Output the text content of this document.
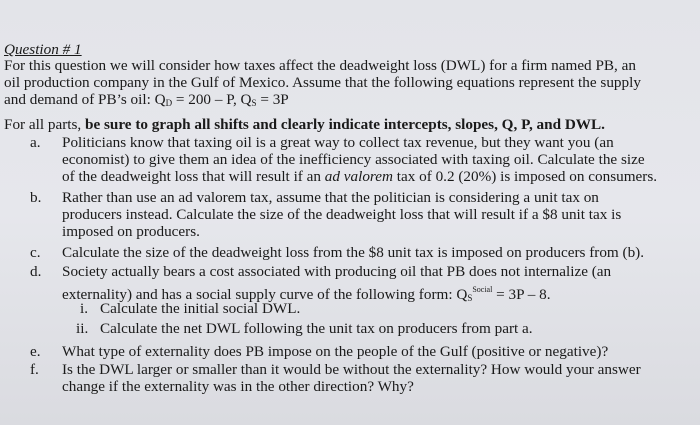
Question # 1
For this question we will consider how taxes affect the deadweight loss (DWL) for a firm named PB, an
oil production company in the Gulf of Mexico. Assume that the following equations represent the supply
and demand of PB’s oil: $Q_D = 200 - P$, $Q_S = 3P$
For all parts, be sure to graph all shifts and clearly indicate intercepts, slopes, Q, P, and DWL.
a. Politicians know that taxing oil is a great way to collect tax revenue, but they want you (an
economist) to give them an idea of the inefficiency associated with taxing oil. Calculate the size
of the deadweight loss that will result if an ad valorem tax of 0.2 (20%) is imposed on consumers.
b. Rather than use an ad valorem tax, assume that the politician is considering a unit tax on
producers instead. Calculate the size of the deadweight loss that will result if a $8 unit tax is
imposed on producers.
c. Calculate the size of the deadweight loss from the $8 unit tax is imposed on producers from (b).
d. Society actually bears a cost associated with producing oil that PB does not internalize (an
externality) and has a social supply curve of the following form: $Q_S^{Social} = 3P - 8$.
i. Calculate the initial social DWL.
ii. Calculate the net DWL following the unit tax on producers from part a.
e. What type of externality does PB impose on the people of the Gulf (positive or negative)?
f. Is the DWL larger or smaller than it would be without the externality? How would your answer
change if the externality was in the other direction? Why?
